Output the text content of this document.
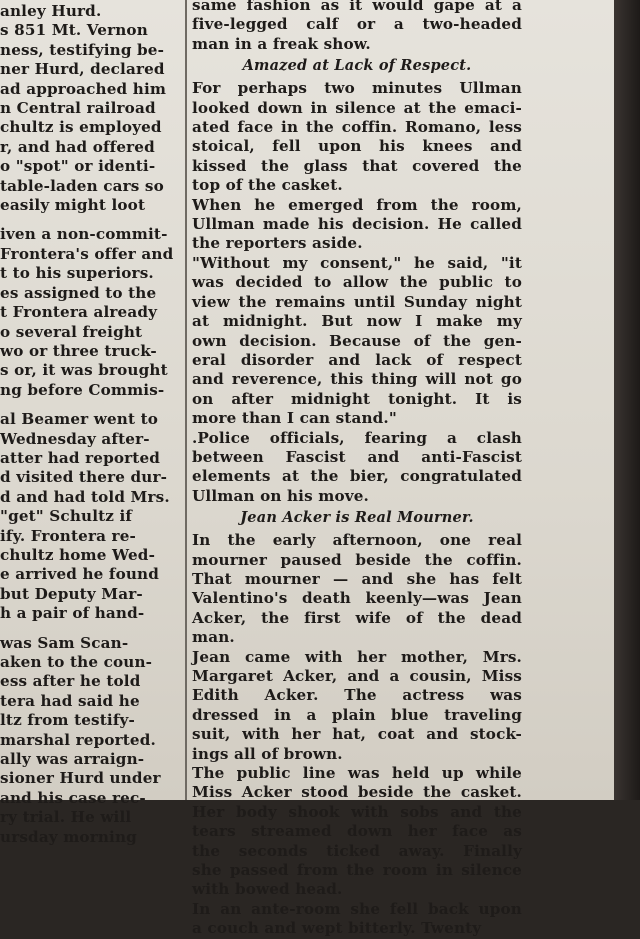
anley Hurd.
s 851 Mt. Vernon
ness, testifying be-
ner Hurd, declared
ad approached him
n Central railroad
chultz is employed
r, and had offered
o "spot" or identi-
table-laden cars so
easily might loot
iven a non-commit-
Frontera's offer and
t to his superiors.
es assigned to the
t Frontera already
o several freight
wo or three truck-
s or, it was brought
ng before Commis-
al Beamer went to
Wednesday after-
atter had reported
d visited there dur-
d and had told Mrs.
"get" Schultz if
ify. Frontera re-
chultz home Wed-
e arrived he found
but Deputy Mar-
h a pair of hand-
was Sam Scan-
aken to the coun-
ess after he told
tera had said he
ltz from testify-
marshal reported.
ally was arraign-
sioner Hurd under
and his case rec-
ry trial. He will
ursday morning
same fashion as it would gape at a
five-legged calf or a two-headed
man in a freak show.
Amazed at Lack of Respect.
For perhaps two minutes Ullman
looked down in silence at the emaci-
ated face in the coffin. Romano, less
stoical, fell upon his knees and
kissed the glass that covered the
top of the casket.
When he emerged from the room,
Ullman made his decision. He called
the reporters aside.
"Without my consent," he said, "it
was decided to allow the public to
view the remains until Sunday night
at midnight. But now I make my
own decision. Because of the gen-
eral disorder and lack of respect
and reverence, this thing will not go
on after midnight tonight. It is
more than I can stand."
.Police officials, fearing a clash
between Fascist and anti-Fascist
elements at the bier, congratulated
Ullman on his move.
Jean Acker is Real Mourner.
In the early afternoon, one real
mourner paused beside the coffin.
That mourner — and she has felt
Valentino's death keenly—was Jean
Acker, the first wife of the dead
man.
Jean came with her mother, Mrs.
Margaret Acker, and a cousin, Miss
Edith Acker. The actress was
dressed in a plain blue traveling
suit, with her hat, coat and stock-
ings all of brown.
The public line was held up while
Miss Acker stood beside the casket.
Her body shook with sobs and the
tears streamed down her face as
the seconds ticked away. Finally
she passed from the room in silence
with bowed head.
In an ante-room she fell back upon
a couch and wept bitterly. Twenty
